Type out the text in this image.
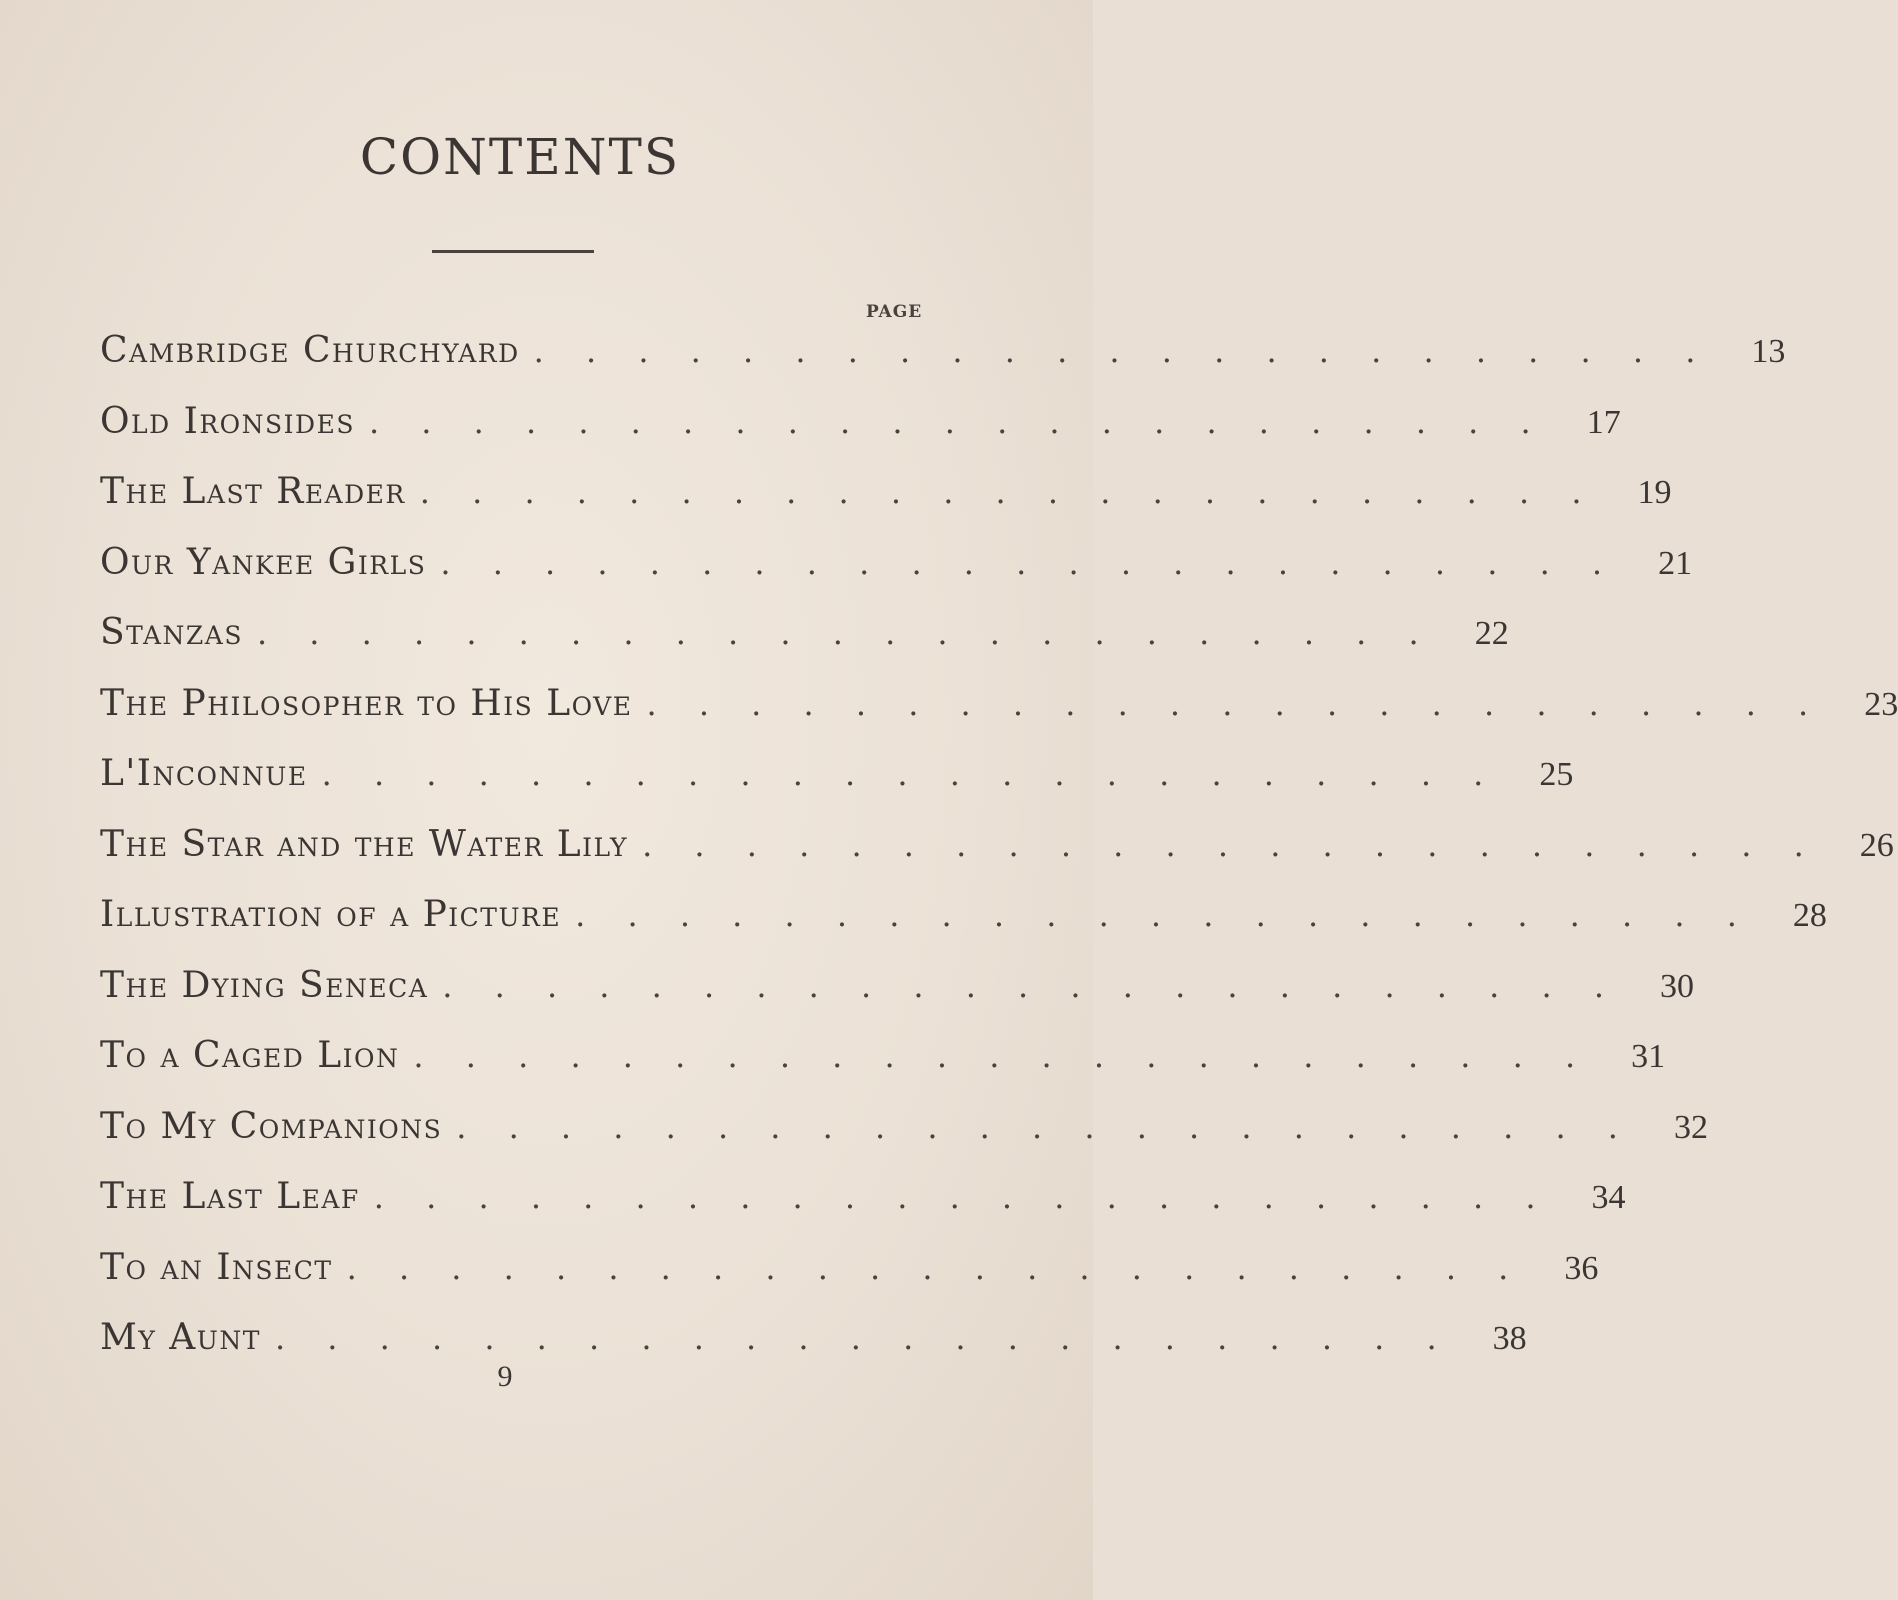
CONTENTS
PAGE
Cambridge Churchyard . . . . . . . . . . . . . . . . . . . . . . . 13
Old Ironsides . . . . . . . . . . . . . . . . . . . . . . . 17
The Last Reader . . . . . . . . . . . . . . . . . . . . . . . 19
Our Yankee Girls . . . . . . . . . . . . . . . . . . . . . . . 21
Stanzas . . . . . . . . . . . . . . . . . . . . . . . 22
The Philosopher to His Love . . . . . . . . . . . . . . . . . . . . . . . 23
L'Inconnue . . . . . . . . . . . . . . . . . . . . . . . 25
The Star and the Water Lily . . . . . . . . . . . . . . . . . . . . . . . 26
Illustration of a Picture . . . . . . . . . . . . . . . . . . . . . . . 28
The Dying Seneca . . . . . . . . . . . . . . . . . . . . . . . 30
To a Caged Lion . . . . . . . . . . . . . . . . . . . . . . . 31
To My Companions . . . . . . . . . . . . . . . . . . . . . . . 32
The Last Leaf . . . . . . . . . . . . . . . . . . . . . . . 34
To an Insect . . . . . . . . . . . . . . . . . . . . . . . 36
My Aunt . . . . . . . . . . . . . . . . . . . . . . . 38
9
